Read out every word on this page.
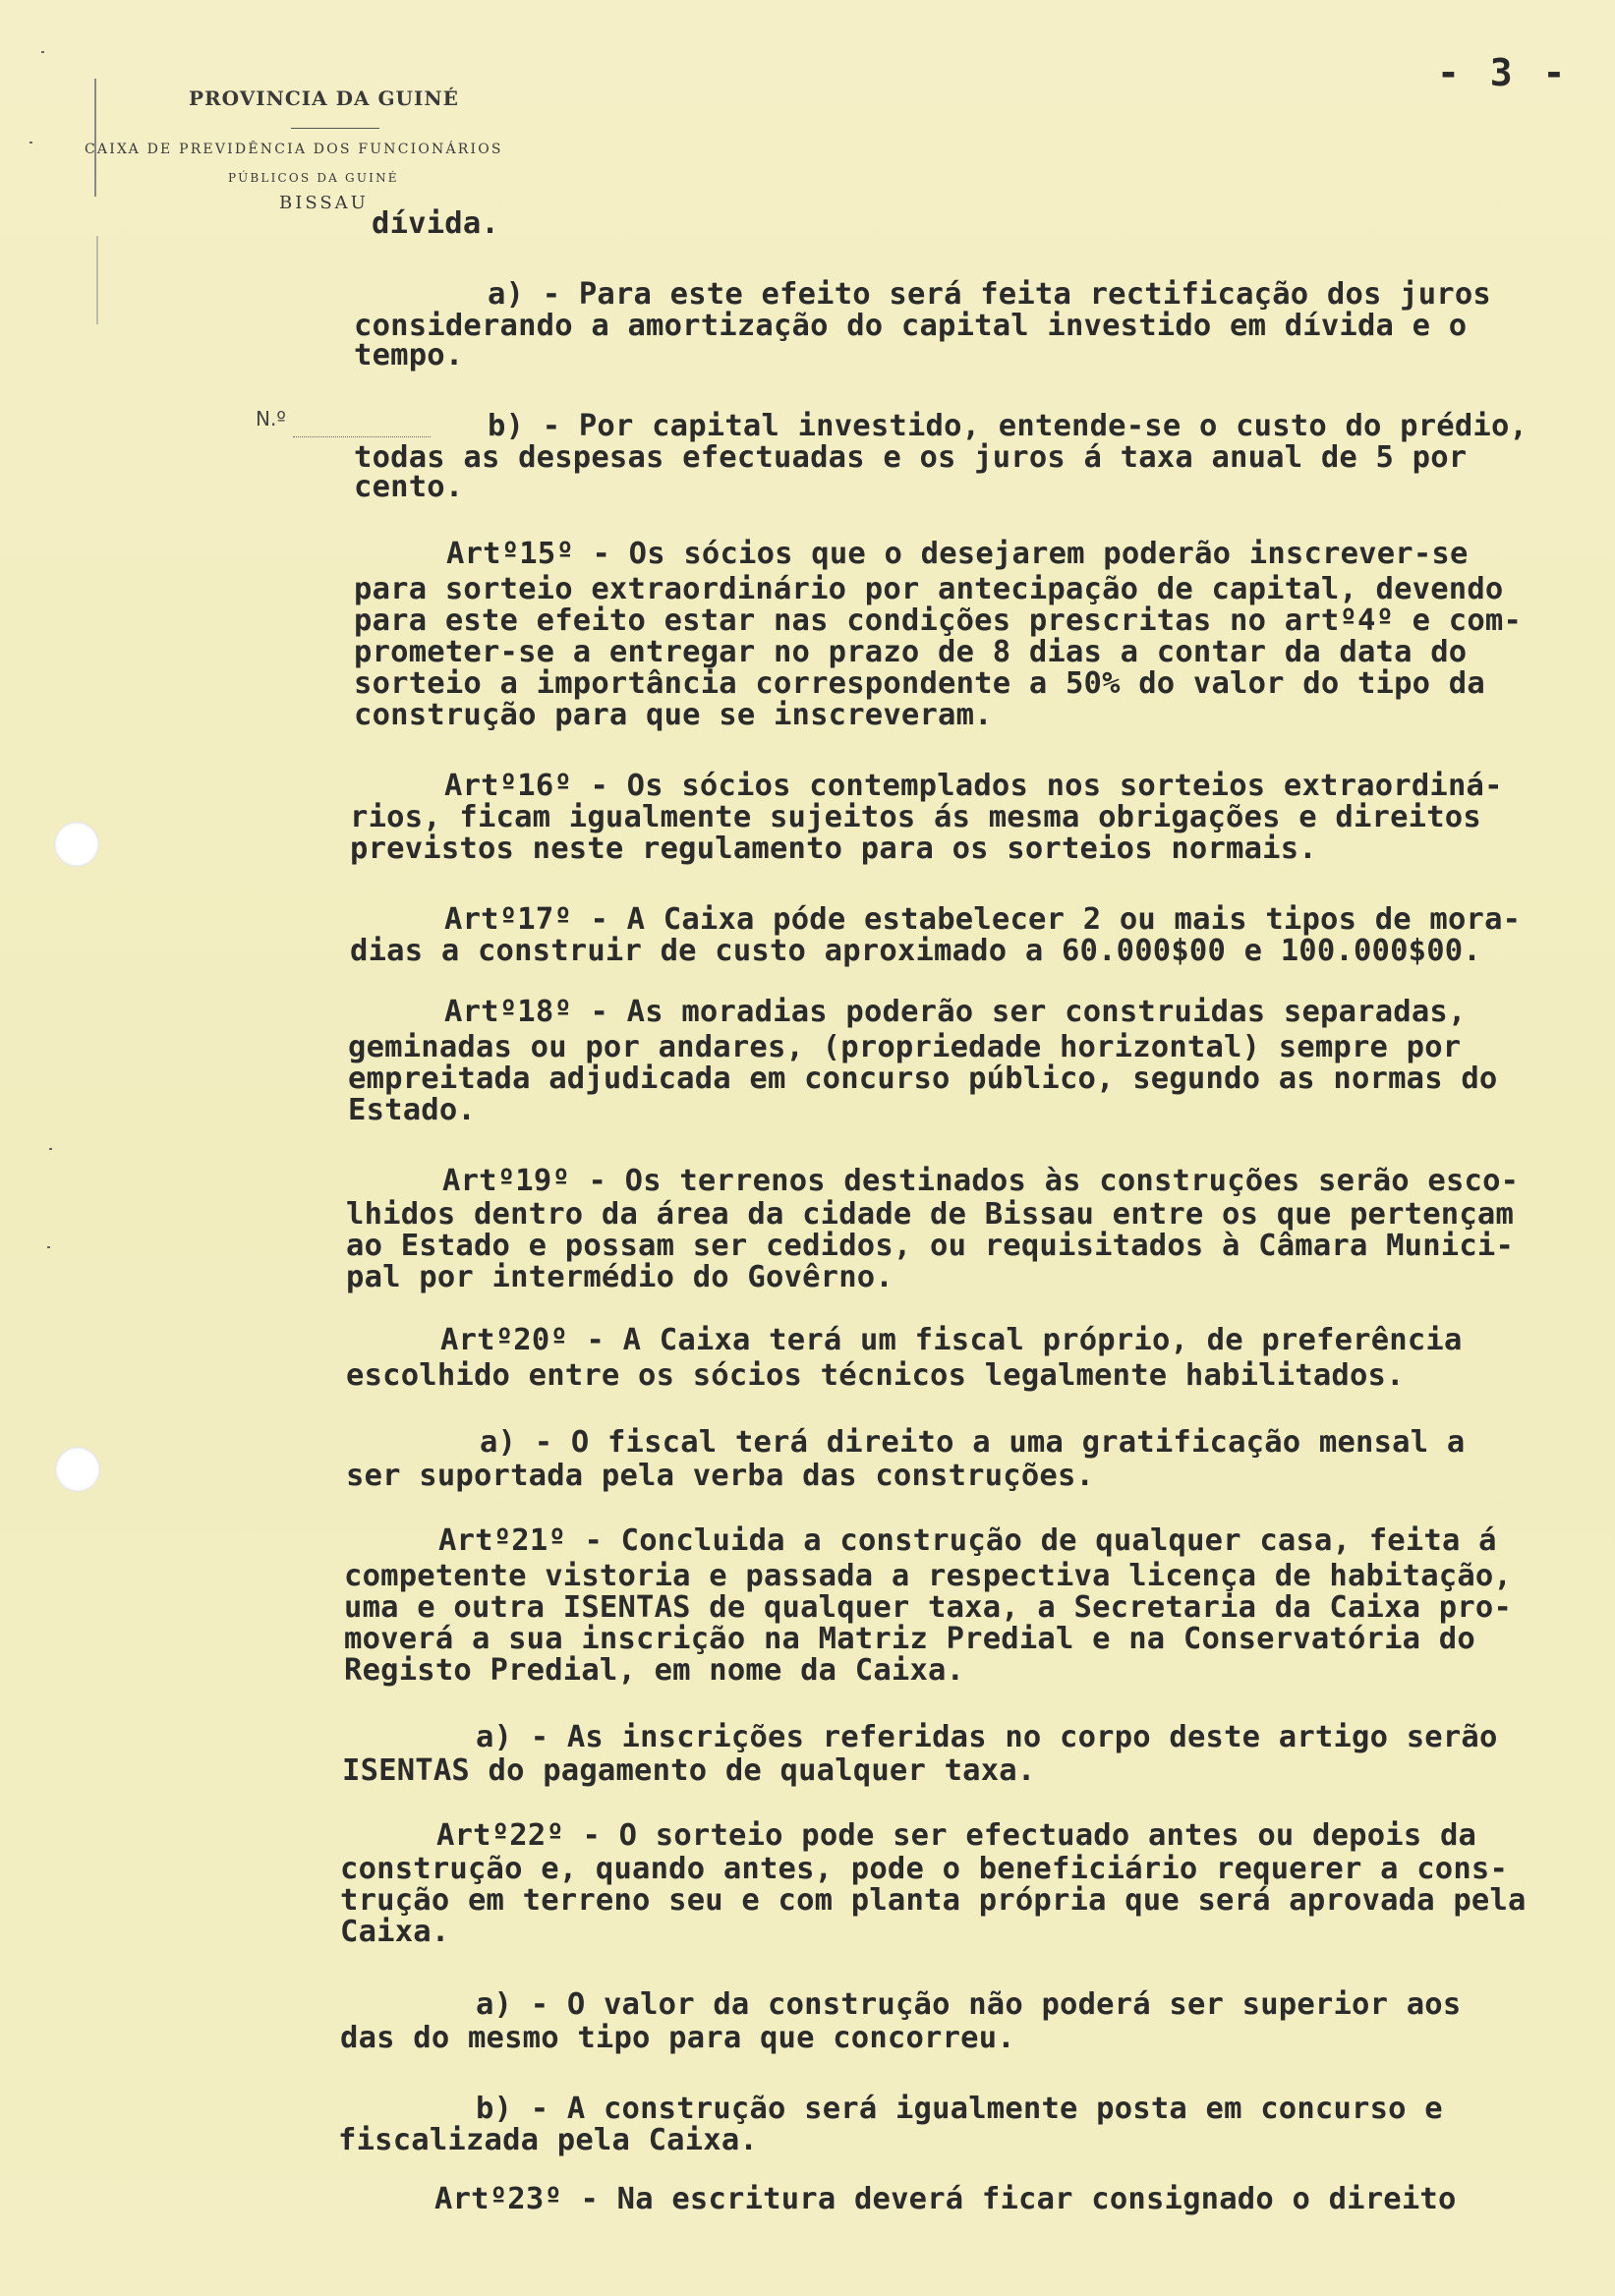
PROVINCIA DA GUINÉ
CAIXA DE PREVIDÊNCIA DOS FUNCIONÁRIOS
PÚBLICOS DA GUINÉ
BISSAU
N.º
- 3 -
dívida.
a) - Para este efeito será feita rectificação dos juros
considerando a amortização do capital investido em dívida e o
tempo.
b) - Por capital investido, entende-se o custo do prédio,
todas as despesas efectuadas e os juros á taxa anual de 5 por
cento.
Artº15º - Os sócios que o desejarem poderão inscrever-se
para sorteio extraordinário por antecipação de capital, devendo
para este efeito estar nas condições prescritas no artº4º e com-
prometer-se a entregar no prazo de 8 dias a contar da data do
sorteio a importância correspondente a 50% do valor do tipo da
construção para que se inscreveram.
Artº16º - Os sócios contemplados nos sorteios extraordiná-
rios, ficam igualmente sujeitos ás mesma obrigações e direitos
previstos neste regulamento para os sorteios normais.
Artº17º - A Caixa póde estabelecer 2 ou mais tipos de mora-
dias a construir de custo aproximado a 60.000$00 e 100.000$00.
Artº18º - As moradias poderão ser construidas separadas,
geminadas ou por andares, (propriedade horizontal) sempre por
empreitada adjudicada em concurso público, segundo as normas do
Estado.
Artº19º - Os terrenos destinados às construções serão esco-
lhidos dentro da área da cidade de Bissau entre os que pertençam
ao Estado e possam ser cedidos, ou requisitados à Câmara Munici-
pal por intermédio do Govêrno.
Artº20º - A Caixa terá um fiscal próprio, de preferência
escolhido entre os sócios técnicos legalmente habilitados.
a) - O fiscal terá direito a uma gratificação mensal a
ser suportada pela verba das construções.
Artº21º - Concluida a construção de qualquer casa, feita á
competente vistoria e passada a respectiva licença de habitação,
uma e outra ISENTAS de qualquer taxa, a Secretaria da Caixa pro-
moverá a sua inscrição na Matriz Predial e na Conservatória do
Registo Predial, em nome da Caixa.
a) - As inscrições referidas no corpo deste artigo serão
ISENTAS do pagamento de qualquer taxa.
Artº22º - O sorteio pode ser efectuado antes ou depois da
construção e, quando antes, pode o beneficiário requerer a cons-
trução em terreno seu e com planta própria que será aprovada pela
Caixa.
a) - O valor da construção não poderá ser superior aos
das do mesmo tipo para que concorreu.
b) - A construção será igualmente posta em concurso e
fiscalizada pela Caixa.
Artº23º - Na escritura deverá ficar consignado o direito
